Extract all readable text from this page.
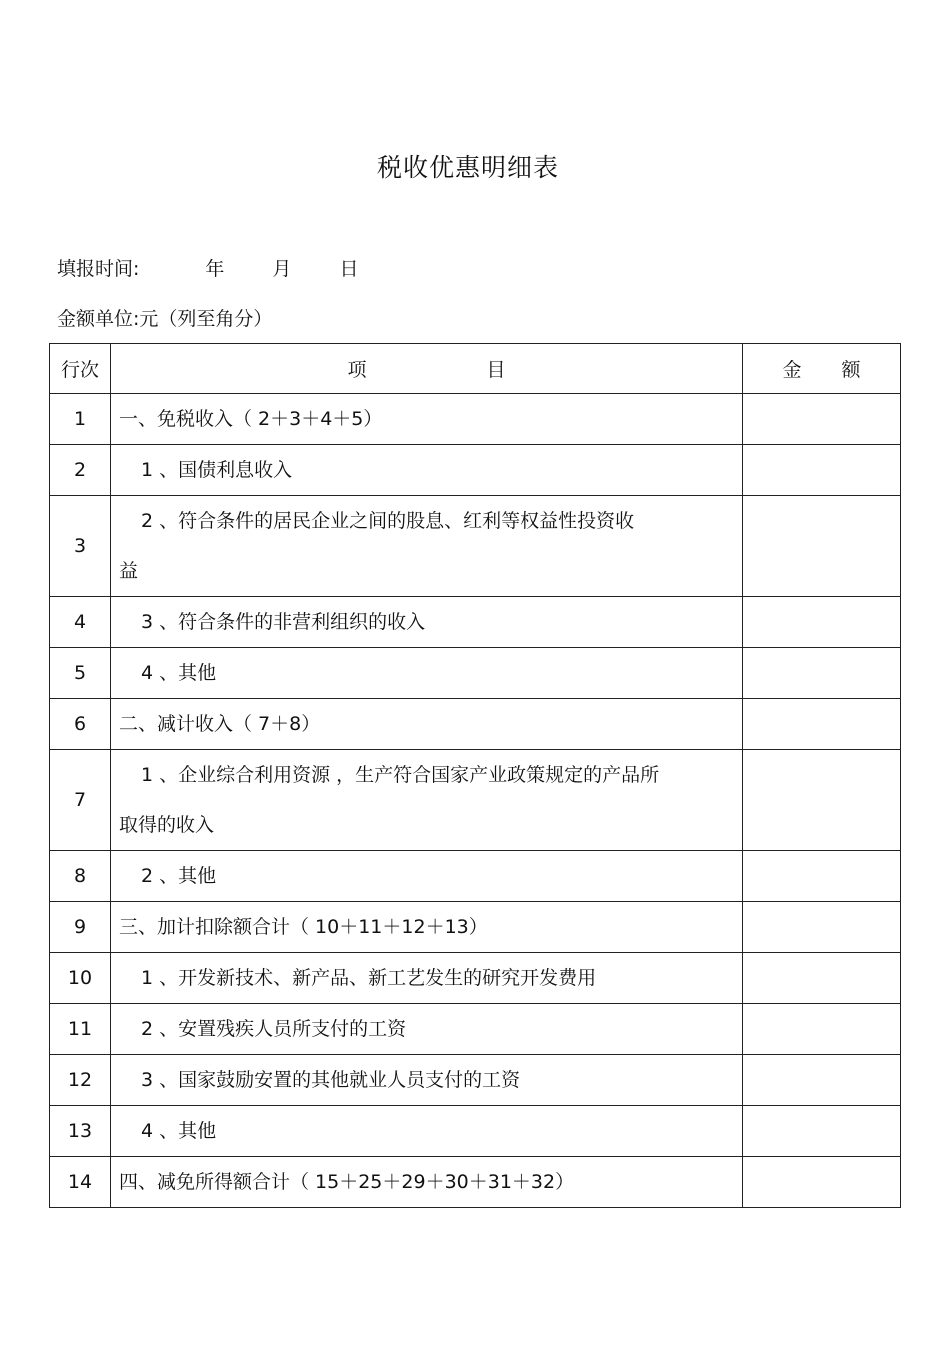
税收优惠明细表
填报时间:	年	月	日
金额单位:元（列至角分）
行次	项 目	金 额
1	一、免税收入（ 2＋3＋4＋5）	
2	1 、国债利息收入	
3	2 、符合条件的居民企业之间的股息、红利等权益性投资收
益	

4	3 、符合条件的非营利组织的收入	
5	4 、其他	
6	二、减计收入（ 7＋8）	
7	1 、企业综合利用资源 ，生产符合国家产业政策规定的产品所
取得的收入	

8	2 、其他	
9	三、加计扣除额合计（ 10＋11＋12＋13）	
10	1 、开发新技术、新产品、新工艺发生的研究开发费用	
11	2 、安置残疾人员所支付的工资	
12	3 、国家鼓励安置的其他就业人员支付的工资	
13	4 、其他	
14	四、减免所得额合计（ 15＋25＋29＋30＋31＋32）	
